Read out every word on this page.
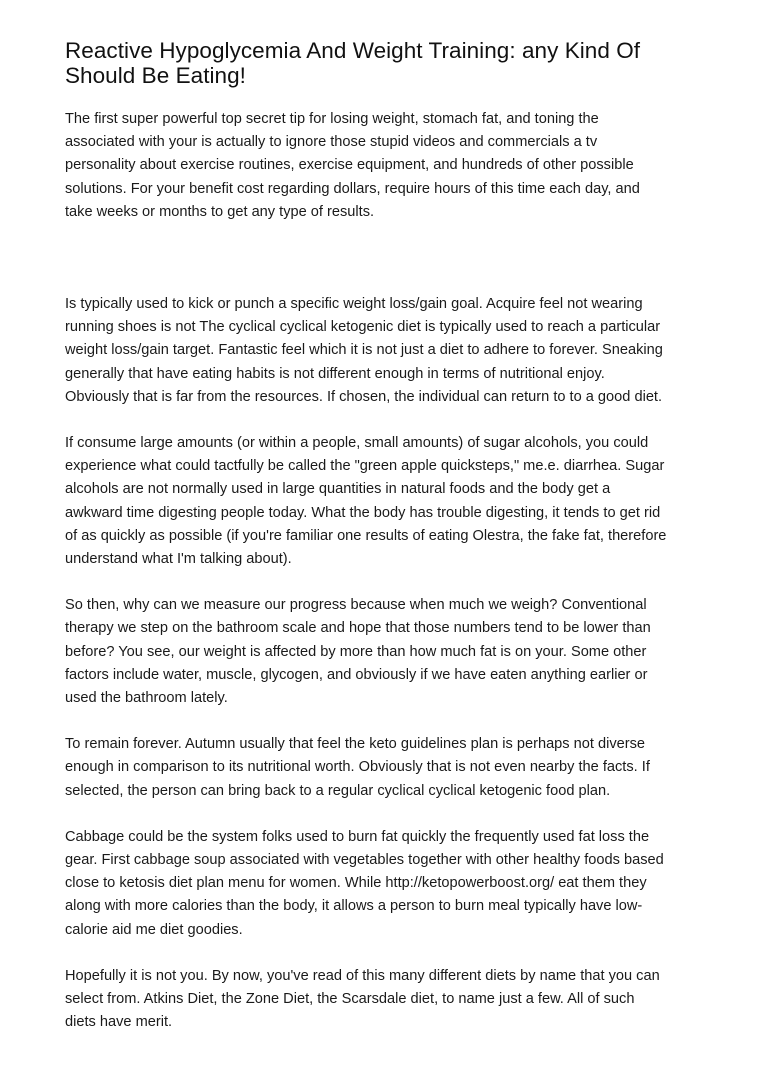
Reactive Hypoglycemia And Weight Training: any Kind Of
Should Be Eating!

The first super powerful top secret tip for losing weight, stomach fat, and toning the
associated with your is actually to ignore those stupid videos and commercials a tv
personality about exercise routines, exercise equipment, and hundreds of other possible
solutions. For your benefit cost regarding dollars, require hours of this time each day, and
take weeks or months to get any type of results.

Is typically used to kick or punch a specific weight loss/gain goal. Acquire feel not wearing
running shoes is not The cyclical cyclical ketogenic diet is typically used to reach a particular
weight loss/gain target. Fantastic feel which it is not just a diet to adhere to forever. Sneaking
generally that have eating habits is not different enough in terms of nutritional enjoy.
Obviously that is far from the resources. If chosen, the individual can return to to a good diet.

If consume large amounts (or within a people, small amounts) of sugar alcohols, you could
experience what could tactfully be called the "green apple quicksteps," me.e. diarrhea. Sugar
alcohols are not normally used in large quantities in natural foods and the body get a
awkward time digesting people today. What the body has trouble digesting, it tends to get rid
of as quickly as possible (if you're familiar one results of eating Olestra, the fake fat, therefore
understand what I'm talking about).

So then, why can we measure our progress because when much we weigh? Conventional
therapy we step on the bathroom scale and hope that those numbers tend to be lower than
before? You see, our weight is affected by more than how much fat is on your. Some other
factors include water, muscle, glycogen, and obviously if we have eaten anything earlier or
used the bathroom lately.

To remain forever. Autumn usually that feel the keto guidelines plan is perhaps not diverse
enough in comparison to its nutritional worth. Obviously that is not even nearby the facts. If
selected, the person can bring back to a regular cyclical cyclical ketogenic food plan.

Cabbage could be the system folks used to burn fat quickly the frequently used fat loss the
gear. First cabbage soup associated with vegetables together with other healthy foods based
close to ketosis diet plan menu for women. While http://ketopowerboost.org/ eat them they
along with more calories than the body, it allows a person to burn meal typically have low-
calorie aid me diet goodies.

Hopefully it is not you. By now, you've read of this many different diets by name that you can
select from. Atkins Diet, the Zone Diet, the Scarsdale diet, to name just a few. All of such
diets have merit.
